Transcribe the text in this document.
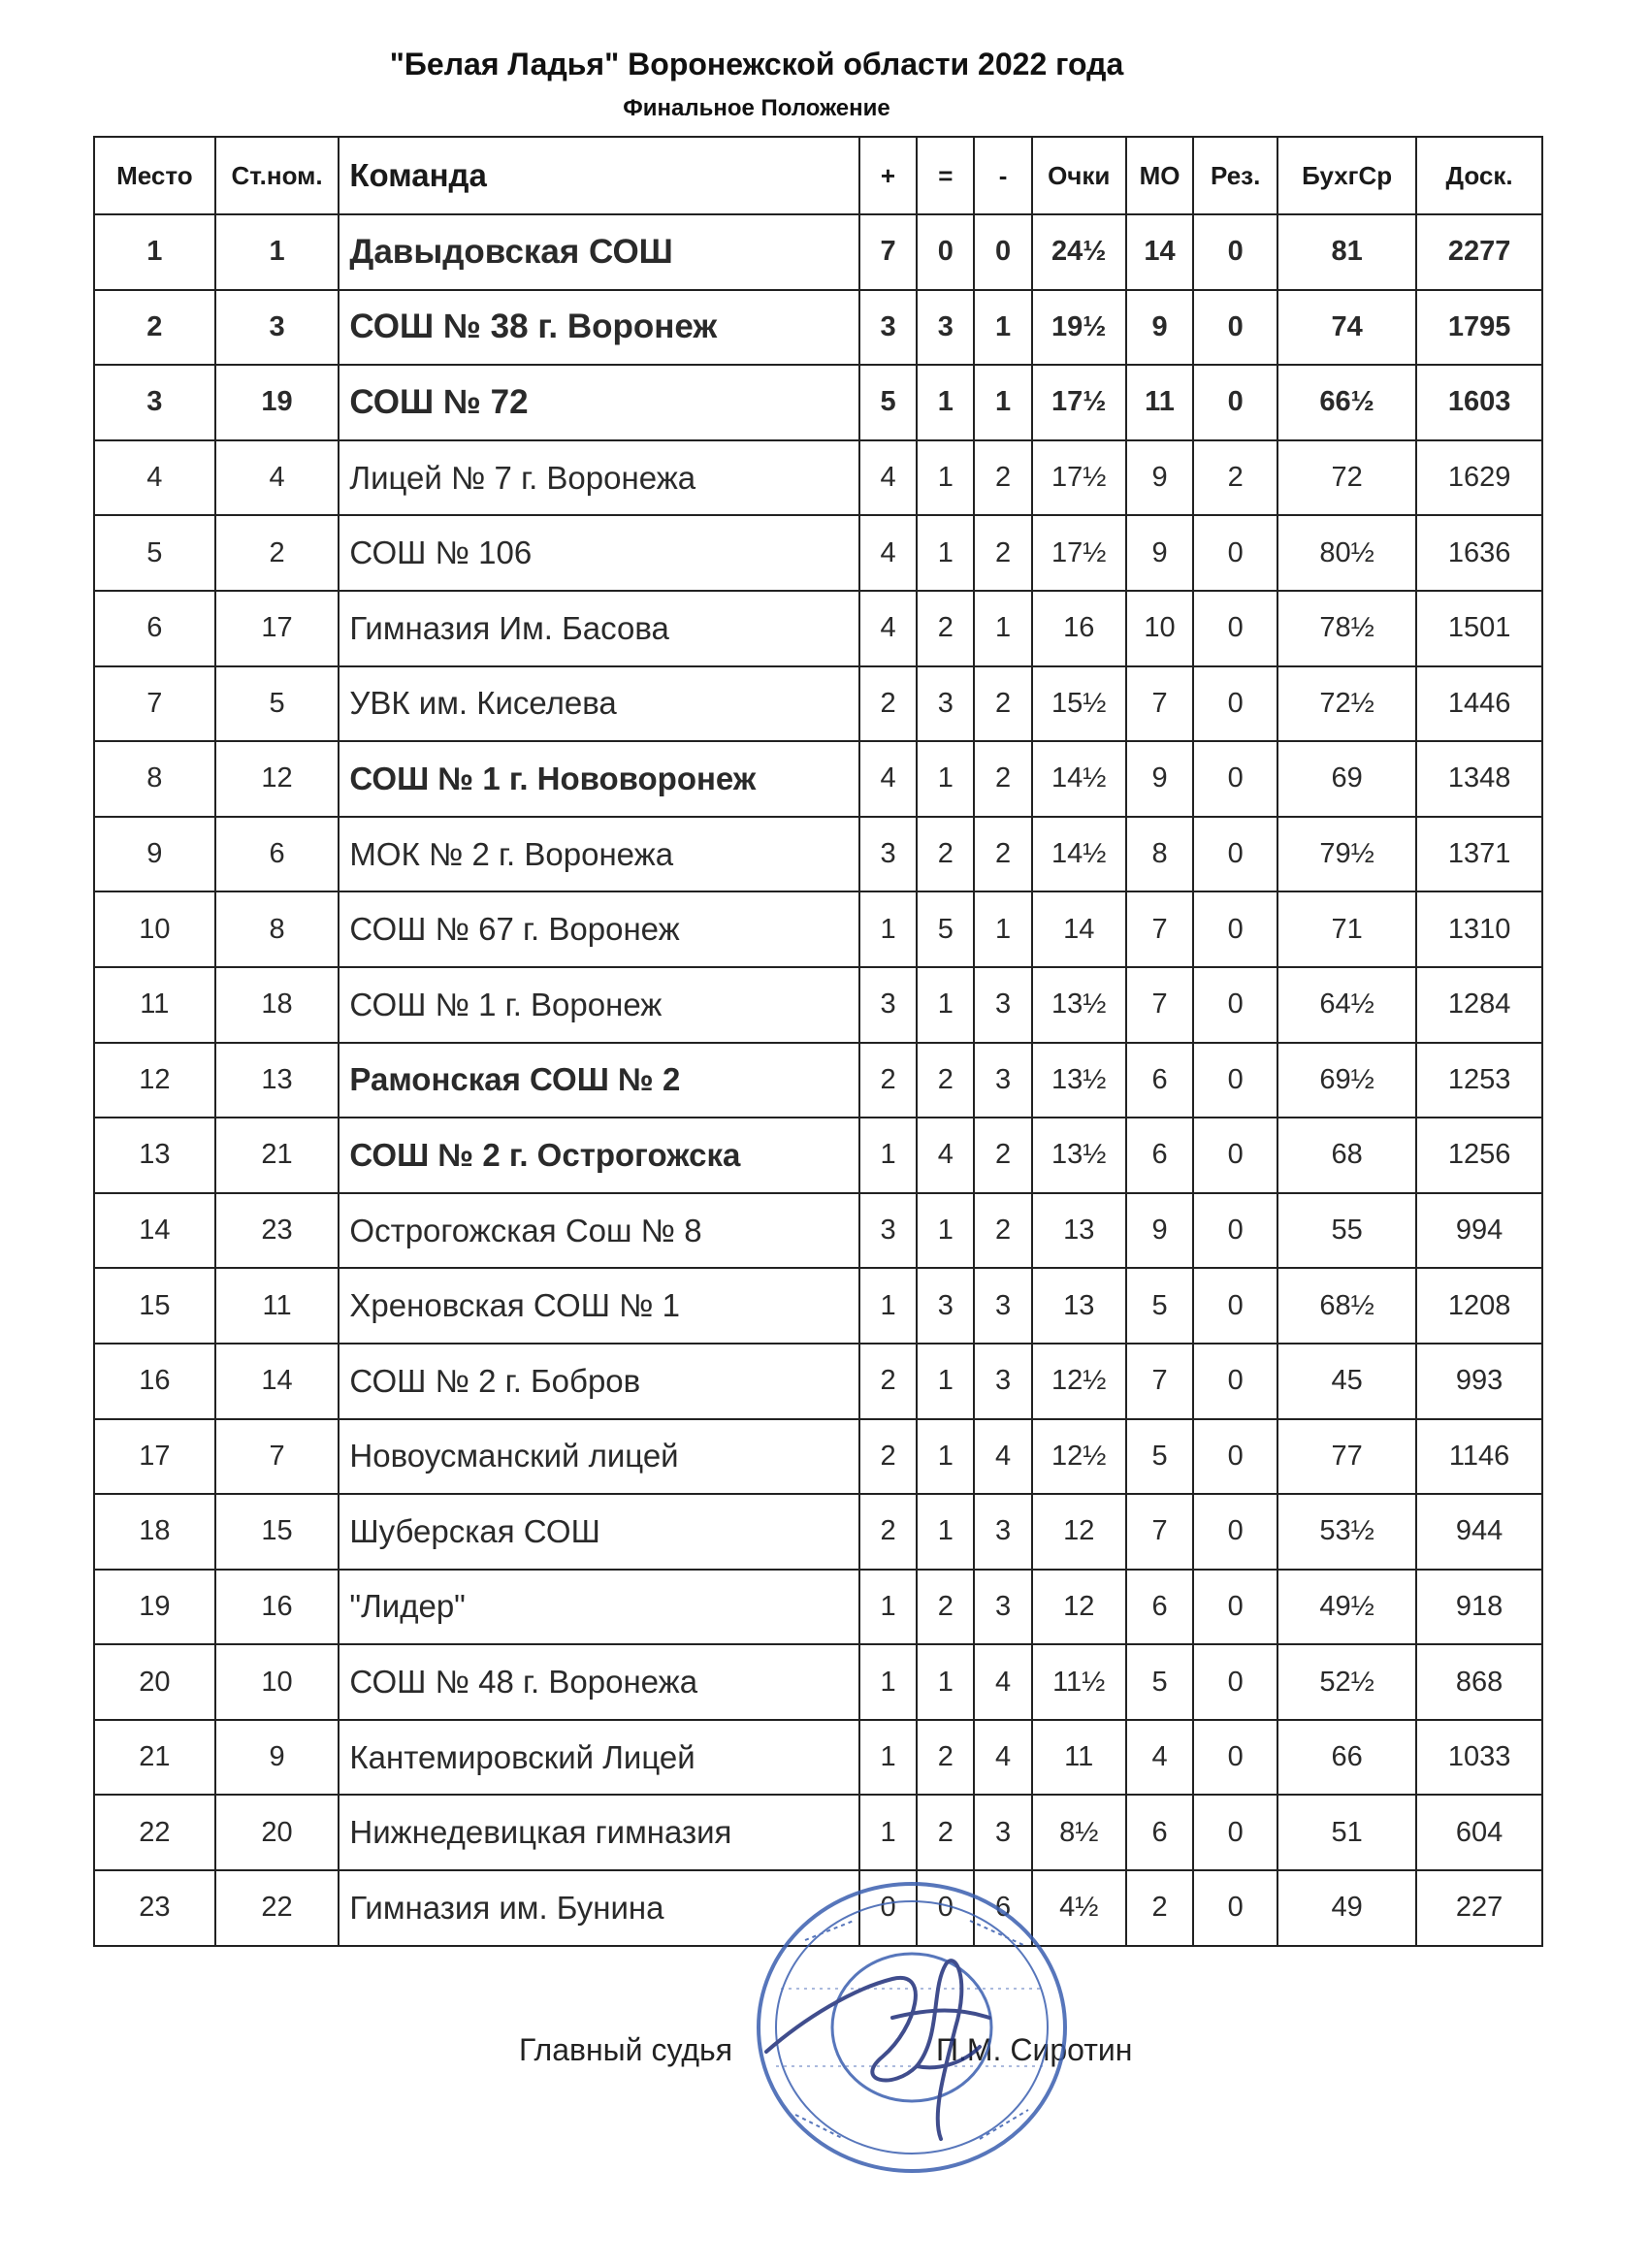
"Белая Ладья" Воронежской области 2022 года
Финальное Положение
Место	Ст.ном.	Команда	+	=	-	Очки	МО	Рез.	БухгСр	Доск.
1	1	Давыдовская СОШ	7	0	0	24½	14	0	81	2277
2	3	СОШ № 38 г. Воронеж	3	3	1	19½	9	0	74	1795
3	19	СОШ № 72	5	1	1	17½	11	0	66½	1603
4	4	Лицей № 7 г. Воронежа	4	1	2	17½	9	2	72	1629
5	2	СОШ № 106	4	1	2	17½	9	0	80½	1636
6	17	Гимназия Им. Басова	4	2	1	16	10	0	78½	1501
7	5	УВК им. Киселева	2	3	2	15½	7	0	72½	1446
8	12	СОШ № 1 г. Нововоронеж	4	1	2	14½	9	0	69	1348
9	6	МОК № 2 г. Воронежа	3	2	2	14½	8	0	79½	1371
10	8	СОШ № 67 г. Воронеж	1	5	1	14	7	0	71	1310
11	18	СОШ № 1 г. Воронеж	3	1	3	13½	7	0	64½	1284
12	13	Рамонская СОШ № 2	2	2	3	13½	6	0	69½	1253
13	21	СОШ № 2 г. Острогожска	1	4	2	13½	6	0	68	1256
14	23	Острогожская Сош № 8	3	1	2	13	9	0	55	994
15	11	Хреновская СОШ № 1	1	3	3	13	5	0	68½	1208
16	14	СОШ № 2 г. Бобров	2	1	3	12½	7	0	45	993
17	7	Новоусманский лицей	2	1	4	12½	5	0	77	1146
18	15	Шуберская СОШ	2	1	3	12	7	0	53½	944
19	16	"Лидер"	1	2	3	12	6	0	49½	918
20	10	СОШ № 48 г. Воронежа	1	1	4	11½	5	0	52½	868
21	9	Кантемировский Лицей	1	2	4	11	4	0	66	1033
22	20	Нижнедевицкая гимназия	1	2	3	8½	6	0	51	604
23	22	Гимназия им. Бунина	0	0	6	4½	2	0	49	227
Главный судья	П.М. Сиротин
